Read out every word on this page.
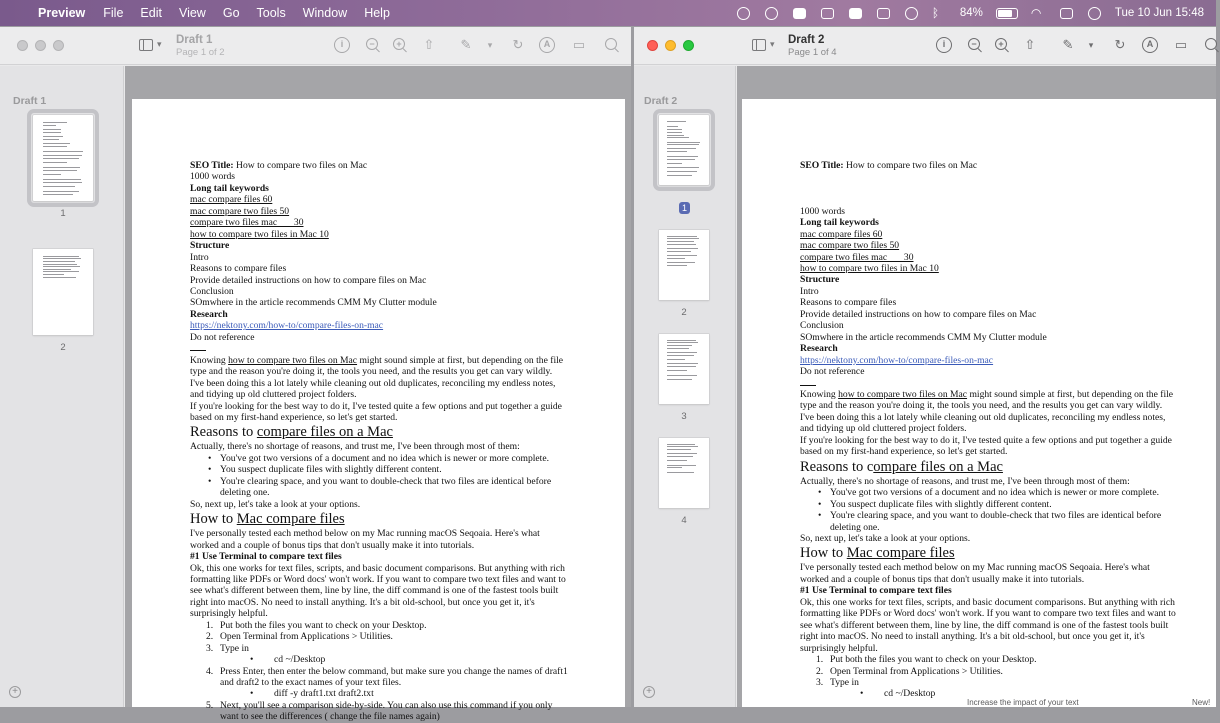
Preview File Edit View Go Tools Window Help	ᛒ	84%	◠	Tue 10 Jun 15:48
▾ Draft 1
Page 1 of 2
i	− + ⇧ ✎	▾	↻	A	▭
Draft 1
1
2
+

SEO Title: How to compare two files on Mac

1000 words

Long tail keywords

mac compare files 60

mac compare two files 50

compare two files mac       30

how to compare two files in Mac 10

Structure

Intro

Reasons to compare files

Provide detailed instructions on how to compare files on Mac

Conclusion

SOmwhere in the article recommends CMM My Clutter module

Research

https://nektony.com/how-to/compare-files-on-mac

Do not reference

Knowing how to compare two files on Mac might sound simple at first, but depending on the file type and the reason you're doing it, the tools you need, and the results you get can vary wildly.

I've been doing this a lot lately while cleaning out old duplicates, reconciling my endless notes, and tidying up old cluttered project folders.

If you're looking for the best way to do it, I've tested quite a few options and put together a guide based on my first-hand experience, so let's get started.

Reasons to compare files on a Mac

Actually, there's no shortage of reasons, and trust me, I've been through most of them:

• You've got two versions of a document and no idea which is newer or more complete.
• You suspect duplicate files with slightly different content.
• You're clearing space, and you want to double-check that two files are identical before deleting one.

So, next up, let's take a look at your options.

How to Mac compare files

I've personally tested each method below on my Mac running macOS Seqoaia. Here's what worked and a couple of bonus tips that don't usually make it into tutorials.

#1 Use Terminal to compare text files

Ok, this one works for text files, scripts, and basic document comparisons. But anything with rich formatting like PDFs or Word docs' won't work. If you want to compare two text files and want to see what's different between them, line by line, the diff command is one of the fastest tools built right into macOS. No need to install anything. It's a bit old-school, but once you get it, it's surprisingly helpful.

1. Put both the files you want to check on your Desktop.
2. Open Terminal from Applications > Utilities.
3. Type in
• cd ~/Desktop
4. Press Enter, then enter the below command, but make sure you change the names of draft1 and draft2 to the exact names of your text files.
• diff -y draft1.txt draft2.txt
5. Next, you'll see a comparison side-by-side. You can also use this command if you only want to see the differences ( change the file names again)
▾ Draft 2
Page 1 of 4
i	− + ⇧ ✎	▾	↻	A	▭
Draft 2
1
2
3
4
+

SEO Title: How to compare two files on Mac

1000 words

Long tail keywords

mac compare files 60

mac compare two files 50

compare two files mac       30

how to compare two files in Mac 10

Structure

Intro

Reasons to compare files

Provide detailed instructions on how to compare files on Mac

Conclusion

SOmwhere in the article recommends CMM My Clutter module

Research

https://nektony.com/how-to/compare-files-on-mac

Do not reference

Knowing how to compare two files on Mac might sound simple at first, but depending on the file type and the reason you're doing it, the tools you need, and the results you get can vary wildly.

I've been doing this a lot lately while cleaning out old duplicates, reconciling my endless notes, and tidying up old cluttered project folders.

If you're looking for the best way to do it, I've tested quite a few options and put together a guide based on my first-hand experience, so let's get started.

Reasons to compare files on a Mac

Actually, there's no shortage of reasons, and trust me, I've been through most of them:

• You've got two versions of a document and no idea which is newer or more complete.
• You suspect duplicate files with slightly different content.
• You're clearing space, and you want to double-check that two files are identical before deleting one.

So, next up, let's take a look at your options.

How to Mac compare files

I've personally tested each method below on my Mac running macOS Seqoaia. Here's what worked and a couple of bonus tips that don't usually make it into tutorials.

#1 Use Terminal to compare text files

Ok, this one works for text files, scripts, and basic document comparisons. But anything with rich formatting like PDFs or Word docs' won't work. If you want to compare two text files and want to see what's different between them, line by line, the diff command is one of the fastest tools built right into macOS. No need to install anything. It's a bit old-school, but once you get it, it's surprisingly helpful.

1. Put both the files you want to check on your Desktop.
2. Open Terminal from Applications > Utilities.
3. Type in
• cd ~/Desktop
Increase the impact of your text	New!
